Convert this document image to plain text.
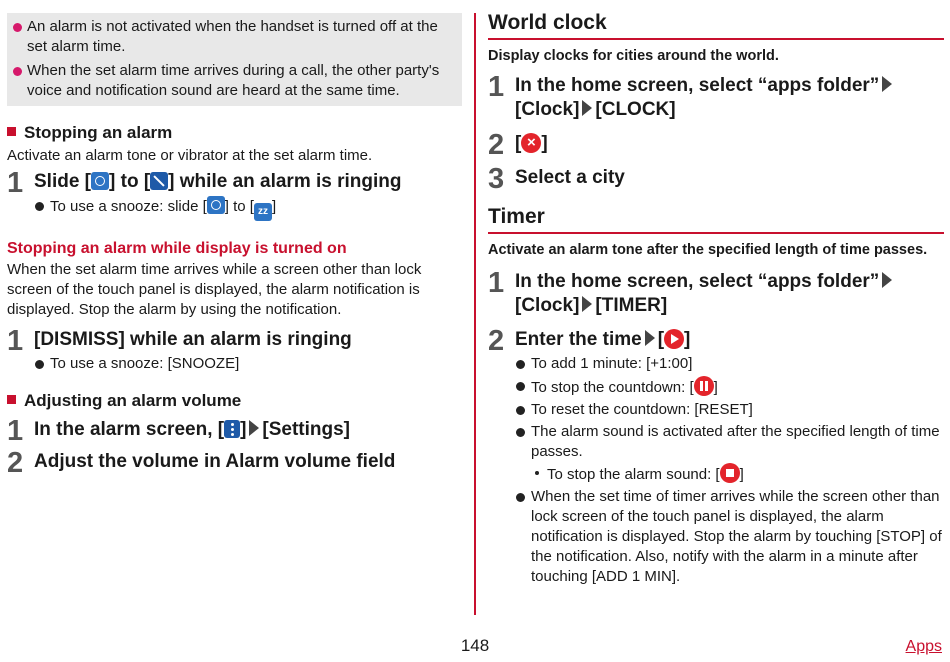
An alarm is not activated when the handset is turned off at the set alarm time.

When the set alarm time arrives during a call, the other party's voice and notification sound are heard at the same time.

Stopping an alarm

Activate an alarm tone or vibrator at the set alarm time.

1 Slide [ ] to [ ] while an alarm is ringing
To use a snooze: slide [ ] to [ zz ]
Stopping an alarm while display is turned on

When the set alarm time arrives while a screen other than lock screen of the touch panel is displayed, the alarm notification is displayed. Stop the alarm by using the notification.

1 [DISMISS] while an alarm is ringing
To use a snooze: [SNOOZE]
Adjusting an alarm volume
1 In the alarm screen, [ ] [Settings]
2 Adjust the volume in Alarm volume field
World clock

Display clocks for cities around the world.

1 In the home screen, select “apps folder”
[Clock] [CLOCK]
2 [× ]
3 Select a city
Timer

Activate an alarm tone after the specified length of time passes.

1 In the home screen, select “apps folder”
[Clock] [TIMER]
2 Enter the time [ ]
To add 1 minute: [+1:00]
To stop the countdown: [ ]
To reset the countdown: [RESET]
The alarm sound is activated after the specified length of time passes.
To stop the alarm sound: [ ]
When the set time of timer arrives while the screen other than lock screen of the touch panel is displayed, the alarm notification is displayed. Stop the alarm by touching [STOP] of the notification. Also, notify with the alarm in a minute after touching [ADD 1 MIN].
148	Apps
